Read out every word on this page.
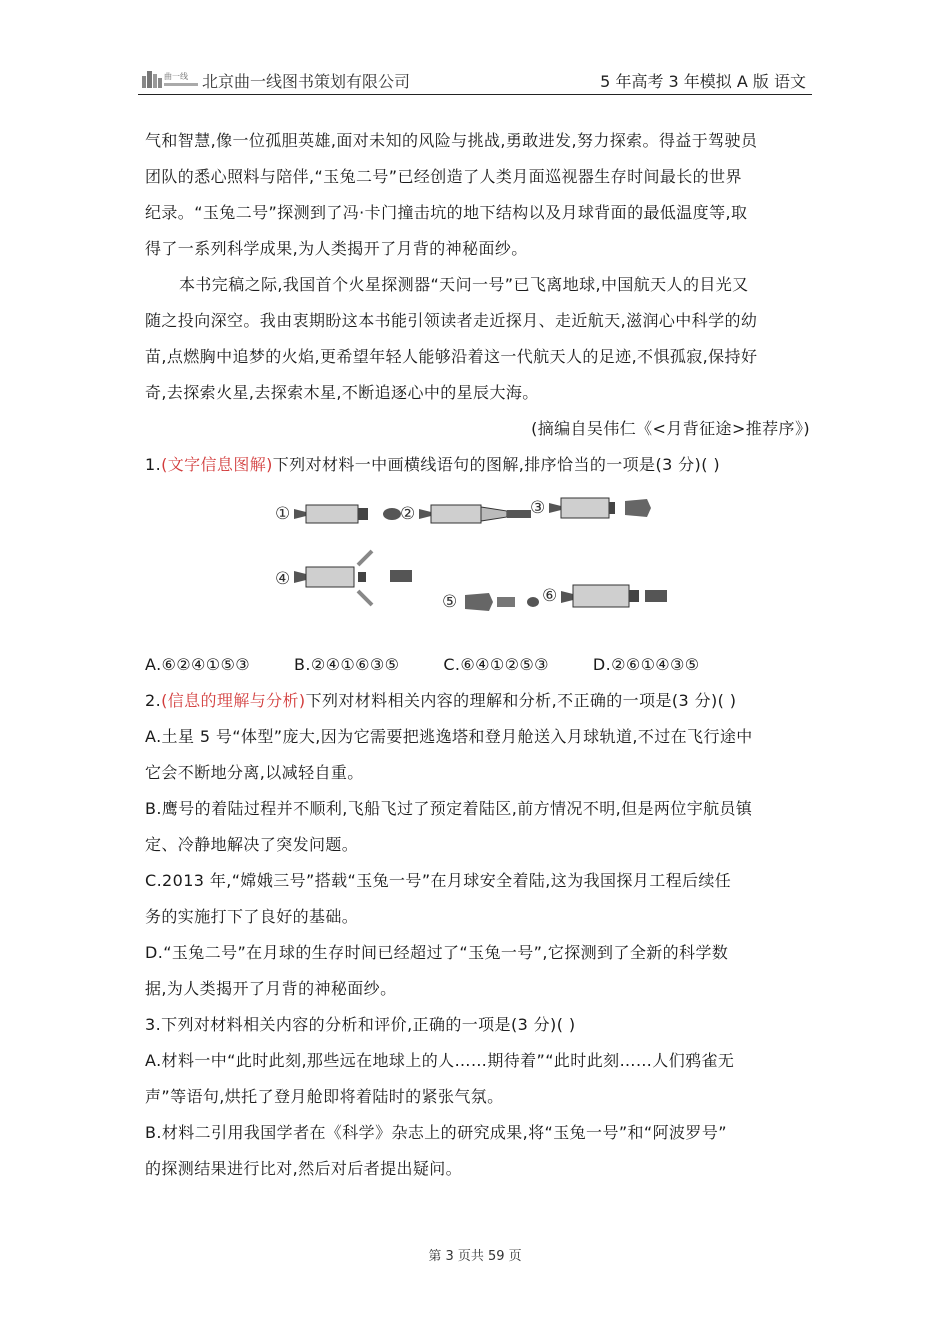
曲一线 北京曲一线图书策划有限公司	5 年高考 3 年模拟 A 版 语文

气和智慧,像一位孤胆英雄,面对未知的风险与挑战,勇敢进发,努力探索。得益于驾驶员

团队的悉心照料与陪伴,“玉兔二号”已经创造了人类月面巡视器生存时间最长的世界

纪录。“玉兔二号”探测到了冯·卡门撞击坑的地下结构以及月球背面的最低温度等,取

得了一系列科学成果,为人类揭开了月背的神秘面纱。

本书完稿之际,我国首个火星探测器“天问一号”已飞离地球,中国航天人的目光又

随之投向深空。我由衷期盼这本书能引领读者走近探月、走近航天,滋润心中科学的幼

苗,点燃胸中追梦的火焰,更希望年轻人能够沿着这一代航天人的足迹,不惧孤寂,保持好

奇,去探索火星,去探索木星,不断追逐心中的星辰大海。

(摘编自吴伟仁《<月背征途>推荐序》)

1.(文字信息图解)下列对材料一中画横线语句的图解,排序恰当的一项是(3 分)( )

①	②	③
④
⑤	⑥

A.⑥②④①⑤③	B.②④①⑥③⑤	C.⑥④①②⑤③	D.②⑥①④③⑤

2.(信息的理解与分析)下列对材料相关内容的理解和分析,不正确的一项是(3 分)( )

A.土星 5 号“体型”庞大,因为它需要把逃逸塔和登月舱送入月球轨道,不过在飞行途中

它会不断地分离,以减轻自重。

B.鹰号的着陆过程并不顺利,飞船飞过了预定着陆区,前方情况不明,但是两位宇航员镇

定、冷静地解决了突发问题。

C.2013 年,“嫦娥三号”搭载“玉兔一号”在月球安全着陆,这为我国探月工程后续任

务的实施打下了良好的基础。

D.“玉兔二号”在月球的生存时间已经超过了“玉兔一号”,它探测到了全新的科学数

据,为人类揭开了月背的神秘面纱。

3.下列对材料相关内容的分析和评价,正确的一项是(3 分)( )

A.材料一中“此时此刻,那些远在地球上的人……期待着”“此时此刻……人们鸦雀无

声”等语句,烘托了登月舱即将着陆时的紧张气氛。

B.材料二引用我国学者在《科学》杂志上的研究成果,将“玉兔一号”和“阿波罗号”

的探测结果进行比对,然后对后者提出疑问。

第 3 页共 59 页
